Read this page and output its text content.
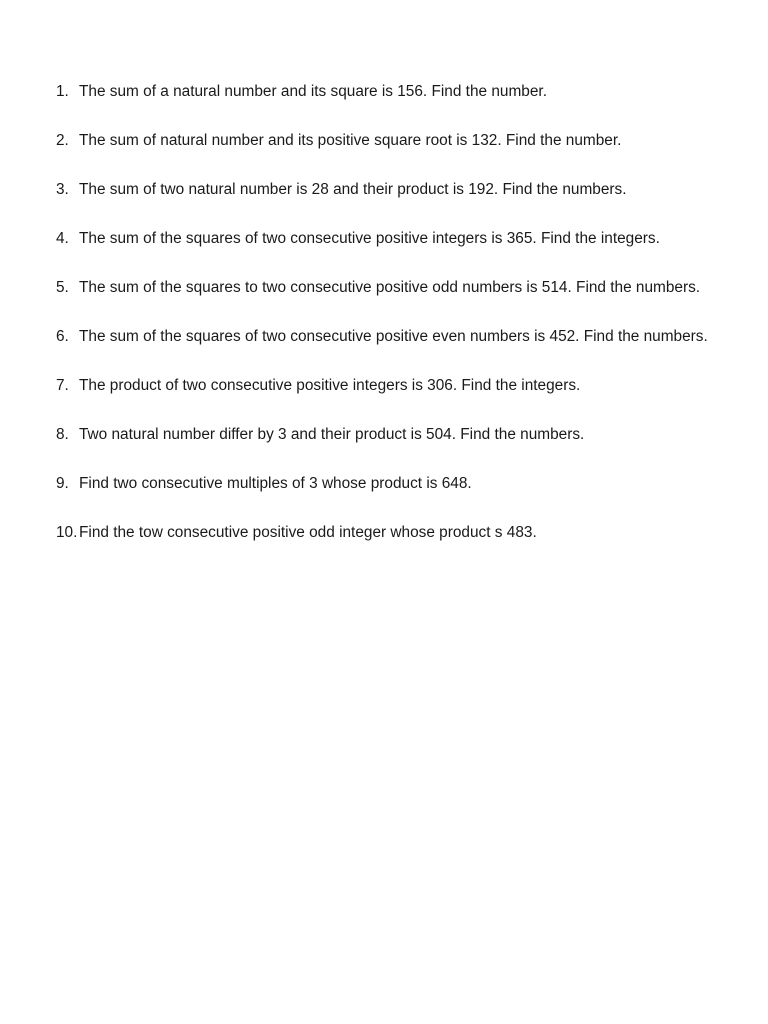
1. The sum of a natural number and its square is 156. Find the number.
2. The sum of natural number and its positive square root is 132. Find the number.
3. The sum of two natural number is 28 and their product is 192. Find the numbers.
4. The sum of the squares of two consecutive positive integers is 365. Find the integers.
5. The sum of the squares to two consecutive positive odd numbers is 514. Find the numbers.
6. The sum of the squares of two consecutive positive even numbers is 452. Find the numbers.
7. The product of two consecutive positive integers is 306. Find the integers.
8. Two natural number differ by 3 and their product is 504. Find the numbers.
9. Find two consecutive multiples of 3 whose product is 648.
10. Find the tow consecutive positive odd integer whose product s 483.
